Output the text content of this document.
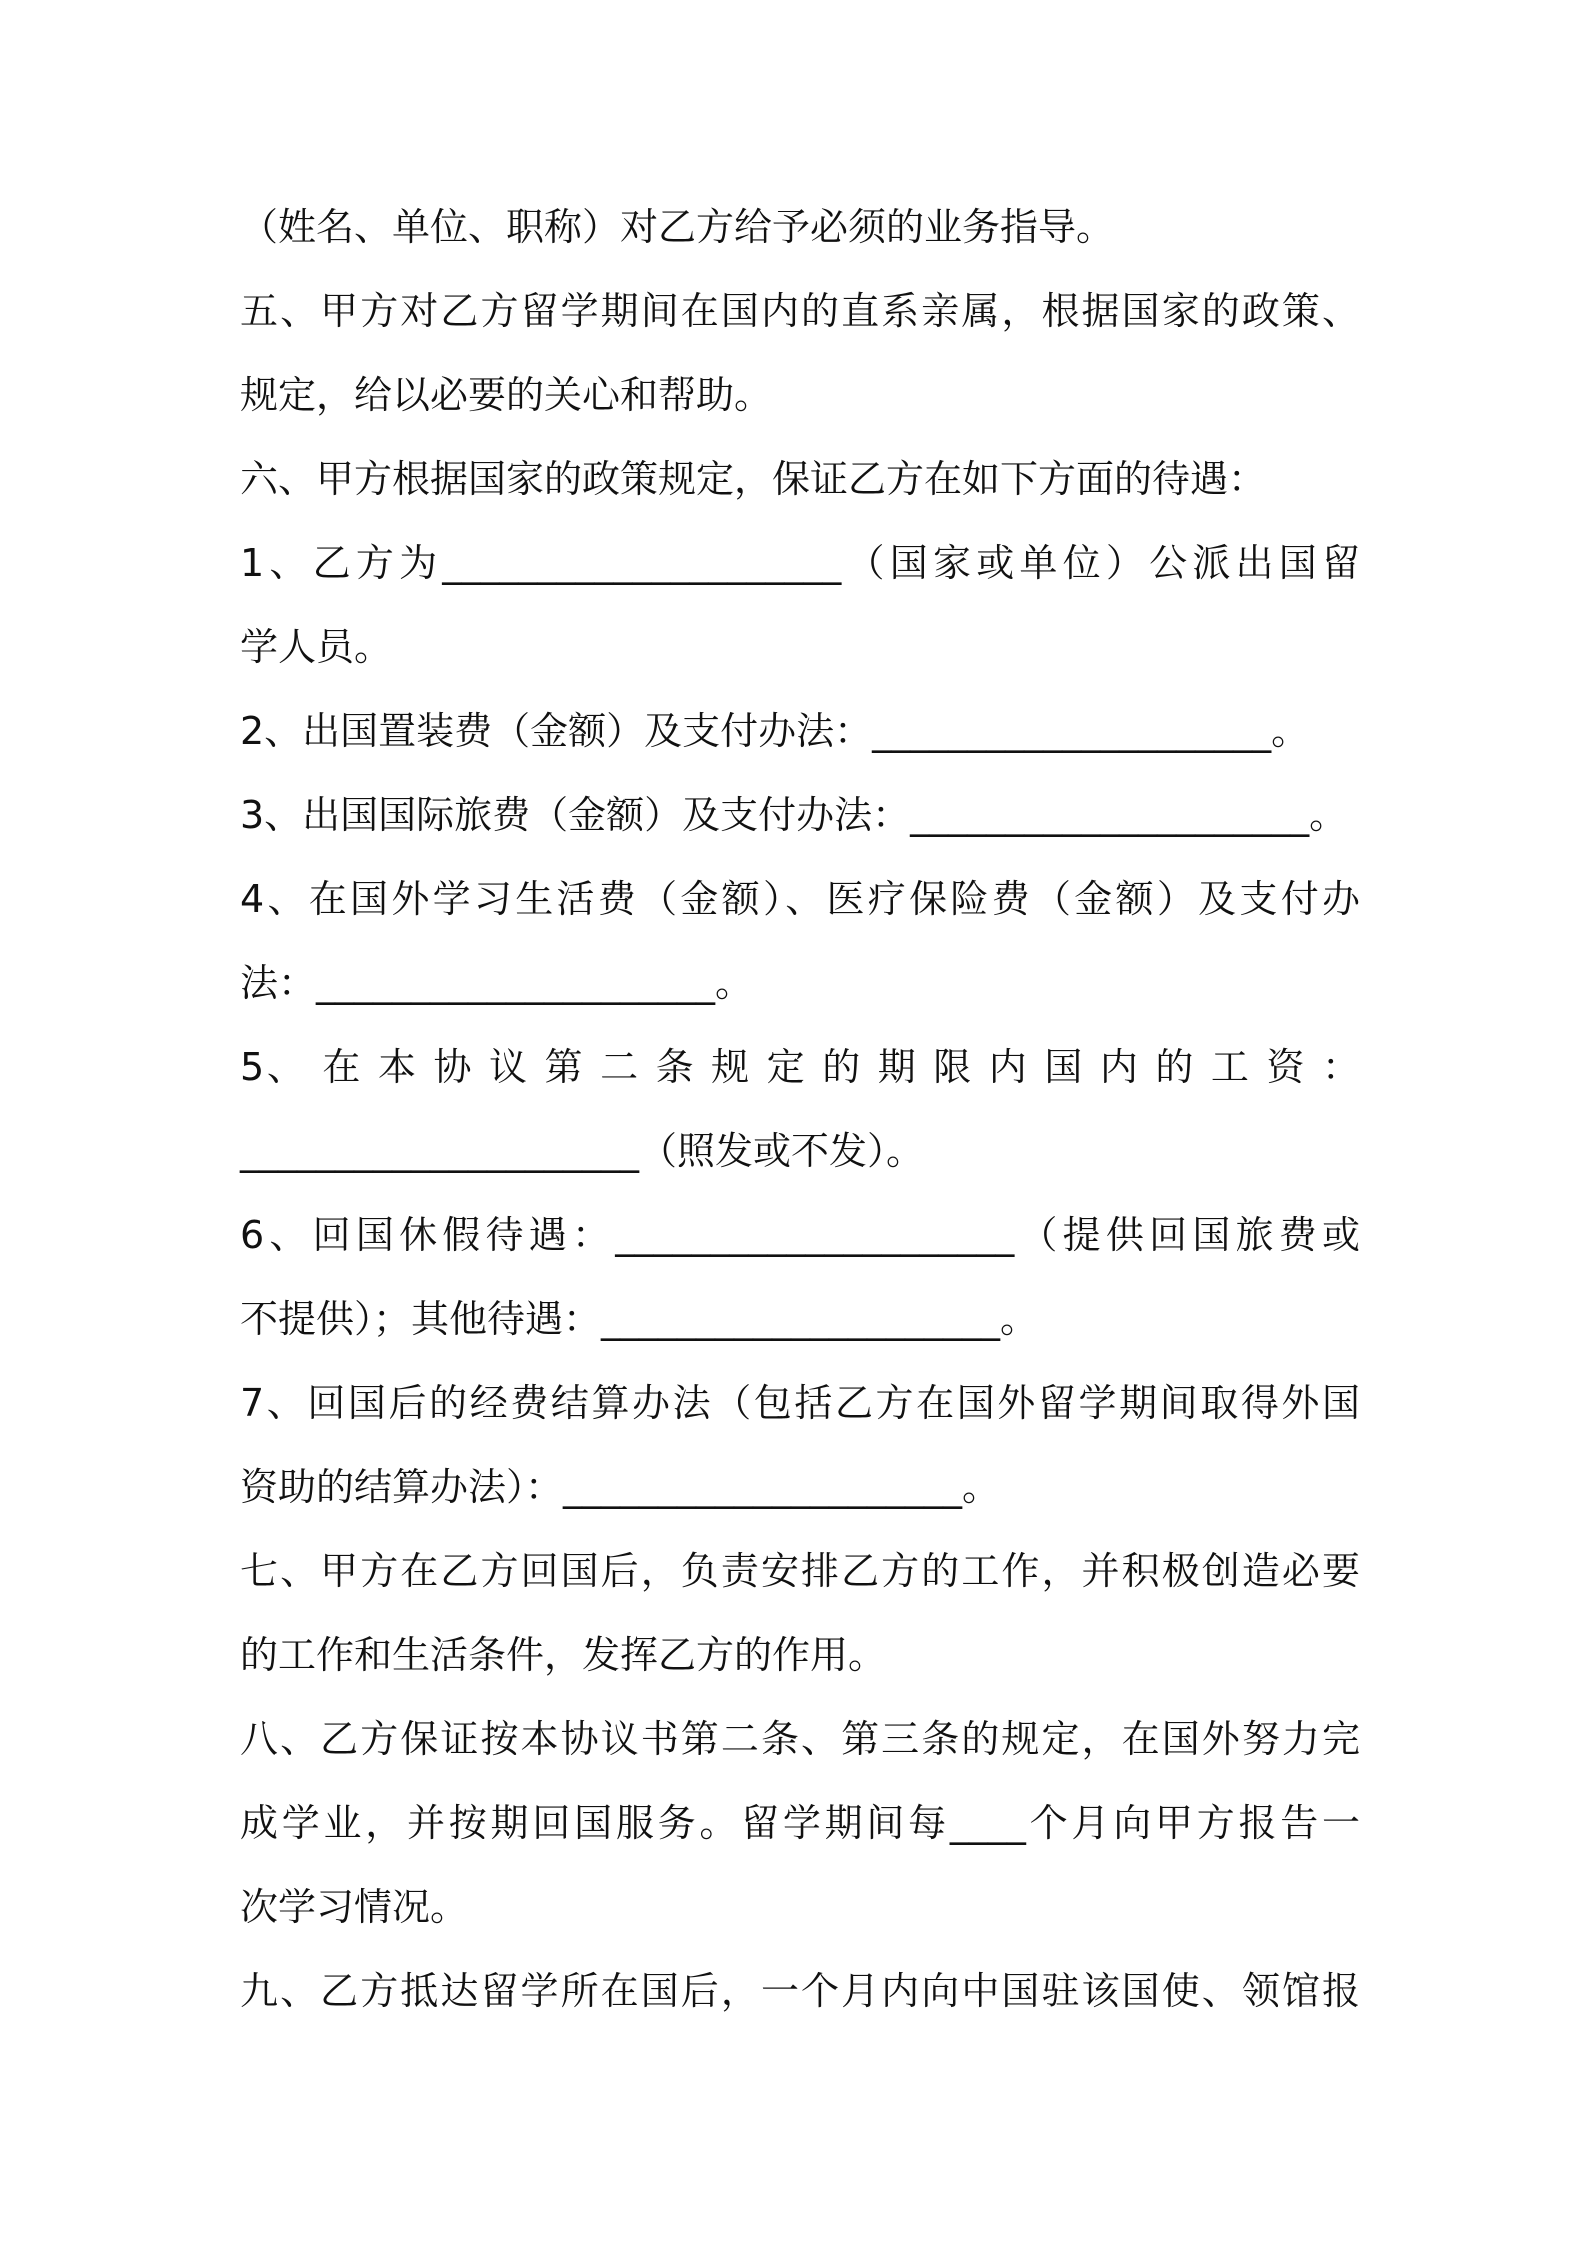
（姓名、单位、职称）对乙方给予必须的业务指导。
五、甲方对乙方留学期间在国内的直系亲属，根据国家的政策、
规定，给以必要的关心和帮助。
六、甲方根据国家的政策规定，保证乙方在如下方面的待遇：
1、乙方为_____________________（国家或单位）公派出国留
学人员。
2、出国置装费（金额）及支付办法：_____________________。
3、出国国际旅费（金额）及支付办法：_____________________。
4、在国外学习生活费（金额）、医疗保险费（金额）及支付办
法：_____________________。
5、 在 本 协 议 第 二 条 规 定 的 期 限 内 国 内 的 工 资 ：
_____________________（照发或不发）。
6、回国休假待遇：_____________________（提供回国旅费或
不提供）；其他待遇：_____________________。
7、回国后的经费结算办法（包括乙方在国外留学期间取得外国
资助的结算办法）：_____________________。
七、甲方在乙方回国后，负责安排乙方的工作，并积极创造必要
的工作和生活条件，发挥乙方的作用。
八、乙方保证按本协议书第二条、第三条的规定，在国外努力完
成学业，并按期回国服务。留学期间每____个月向甲方报告一
次学习情况。
九、乙方抵达留学所在国后，一个月内向中国驻该国使、领馆报
